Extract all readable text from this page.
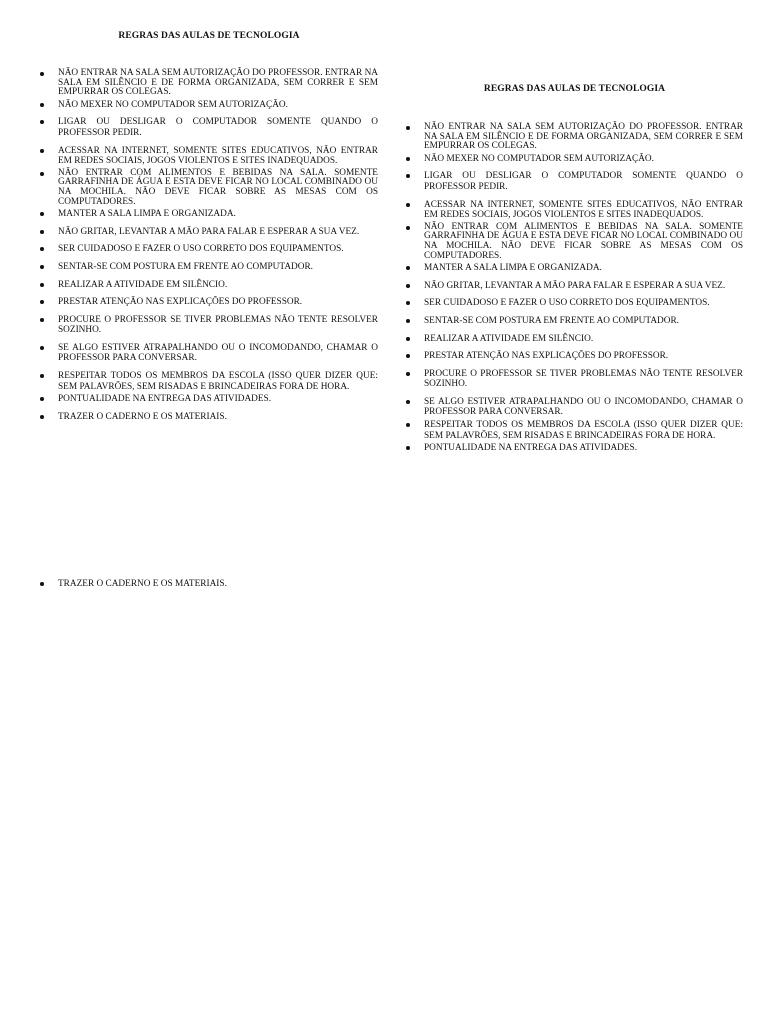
REGRAS DAS AULAS DE TECNOLOGIA
NÃO ENTRAR NA SALA SEM AUTORIZAÇÃO DO PROFESSOR. ENTRAR NA SALA EM SILÊNCIO E DE FORMA ORGANIZADA, SEM CORRER E SEM EMPURRAR OS COLEGAS.
NÃO MEXER NO COMPUTADOR SEM AUTORIZAÇÃO.
LIGAR OU DESLIGAR O COMPUTADOR SOMENTE QUANDO O PROFESSOR PEDIR.
ACESSAR NA INTERNET, SOMENTE SITES EDUCATIVOS, NÃO ENTRAR EM REDES SOCIAIS, JOGOS VIOLENTOS E SITES INADEQUADOS.
NÃO ENTRAR COM ALIMENTOS E BEBIDAS NA SALA. SOMENTE GARRAFINHA DE ÁGUA E ESTA DEVE FICAR NO LOCAL COMBINADO OU NA MOCHILA. NÃO DEVE FICAR SOBRE AS MESAS COM OS COMPUTADORES.
MANTER A SALA LIMPA E ORGANIZADA.
NÃO GRITAR, LEVANTAR A MÃO PARA FALAR E ESPERAR A SUA VEZ.
SER CUIDADOSO E FAZER O USO CORRETO DOS EQUIPAMENTOS.
SENTAR-SE COM POSTURA EM FRENTE AO COMPUTADOR.
REALIZAR A ATIVIDADE EM SILÊNCIO.
PRESTAR ATENÇÃO NAS EXPLICAÇÕES DO PROFESSOR.
PROCURE O PROFESSOR SE TIVER PROBLEMAS NÃO TENTE RESOLVER SOZINHO.
SE ALGO ESTIVER ATRAPALHANDO OU O INCOMODANDO, CHAMAR O PROFESSOR PARA CONVERSAR.
RESPEITAR TODOS OS MEMBROS DA ESCOLA (ISSO QUER DIZER QUE: SEM PALAVRÕES, SEM RISADAS E BRINCADEIRAS FORA DE HORA.
PONTUALIDADE NA ENTREGA DAS ATIVIDADES.
TRAZER O CADERNO E OS MATERIAIS.
TRAZER O CADERNO E OS MATERIAIS.
REGRAS DAS AULAS DE TECNOLOGIA
NÃO ENTRAR NA SALA SEM AUTORIZAÇÃO DO PROFESSOR. ENTRAR NA SALA EM SILÊNCIO E DE FORMA ORGANIZADA, SEM CORRER E SEM EMPURRAR OS COLEGAS.
NÃO MEXER NO COMPUTADOR SEM AUTORIZAÇÃO.
LIGAR OU DESLIGAR O COMPUTADOR SOMENTE QUANDO O PROFESSOR PEDIR.
ACESSAR NA INTERNET, SOMENTE SITES EDUCATIVOS, NÃO ENTRAR EM REDES SOCIAIS, JOGOS VIOLENTOS E SITES INADEQUADOS.
NÃO ENTRAR COM ALIMENTOS E BEBIDAS NA SALA. SOMENTE GARRAFINHA DE ÁGUA E ESTA DEVE FICAR NO LOCAL COMBINADO OU NA MOCHILA. NÃO DEVE FICAR SOBRE AS MESAS COM OS COMPUTADORES.
MANTER A SALA LIMPA E ORGANIZADA.
NÃO GRITAR, LEVANTAR A MÃO PARA FALAR E ESPERAR A SUA VEZ.
SER CUIDADOSO E FAZER O USO CORRETO DOS EQUIPAMENTOS.
SENTAR-SE COM POSTURA EM FRENTE AO COMPUTADOR.
REALIZAR A ATIVIDADE EM SILÊNCIO.
PRESTAR ATENÇÃO NAS EXPLICAÇÕES DO PROFESSOR.
PROCURE O PROFESSOR SE TIVER PROBLEMAS NÃO TENTE RESOLVER SOZINHO.
SE ALGO ESTIVER ATRAPALHANDO OU O INCOMODANDO, CHAMAR O PROFESSOR PARA CONVERSAR.
RESPEITAR TODOS OS MEMBROS DA ESCOLA (ISSO QUER DIZER QUE: SEM PALAVRÕES, SEM RISADAS E BRINCADEIRAS FORA DE HORA.
PONTUALIDADE NA ENTREGA DAS ATIVIDADES.
